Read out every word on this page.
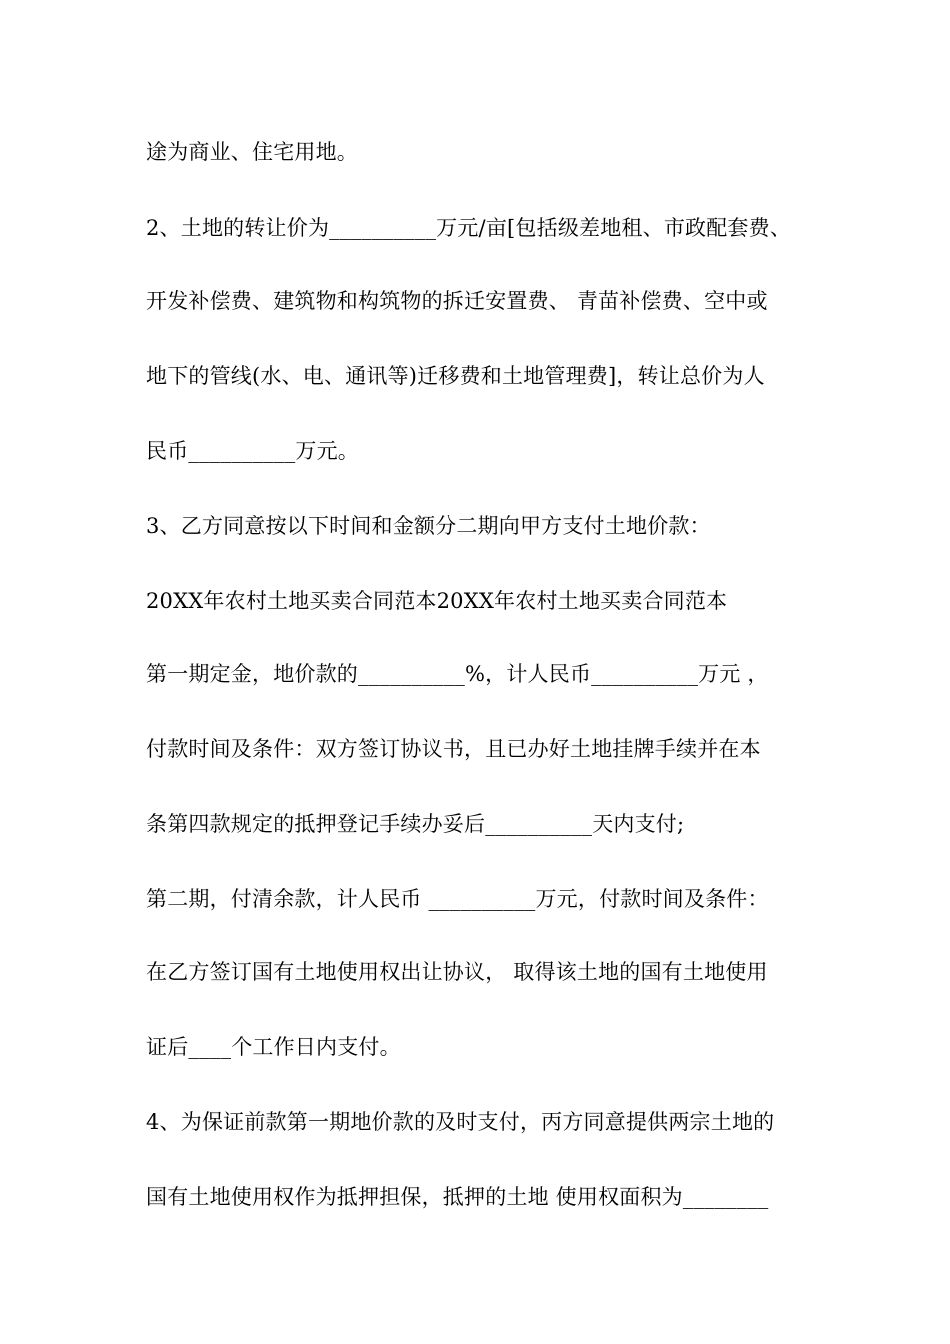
途为商业、住宅用地。
2、土地的转让价为__________万元/亩[包括级差地租、市政配套费、
开发补偿费、建筑物和构筑物的拆迁安置费、 青苗补偿费、空中或
地下的管线(水、电、通讯等)迁移费和土地管理费]，转让总价为人
民币__________万元。
3、乙方同意按以下时间和金额分二期向甲方支付土地价款：
20XX年农村土地买卖合同范本20XX年农村土地买卖合同范本
第一期定金，地价款的__________%，计人民币__________万元 ，
付款时间及条件：双方签订协议书，且已办好土地挂牌手续并在本
条第四款规定的抵押登记手续办妥后__________天内支付;
第二期，付清余款，计人民币 __________万元，付款时间及条件：
在乙方签订国有土地使用权出让协议， 取得该土地的国有土地使用
证后____个工作日内支付。
4、为保证前款第一期地价款的及时支付，丙方同意提供两宗土地的
国有土地使用权作为抵押担保，抵押的土地 使用权面积为________
